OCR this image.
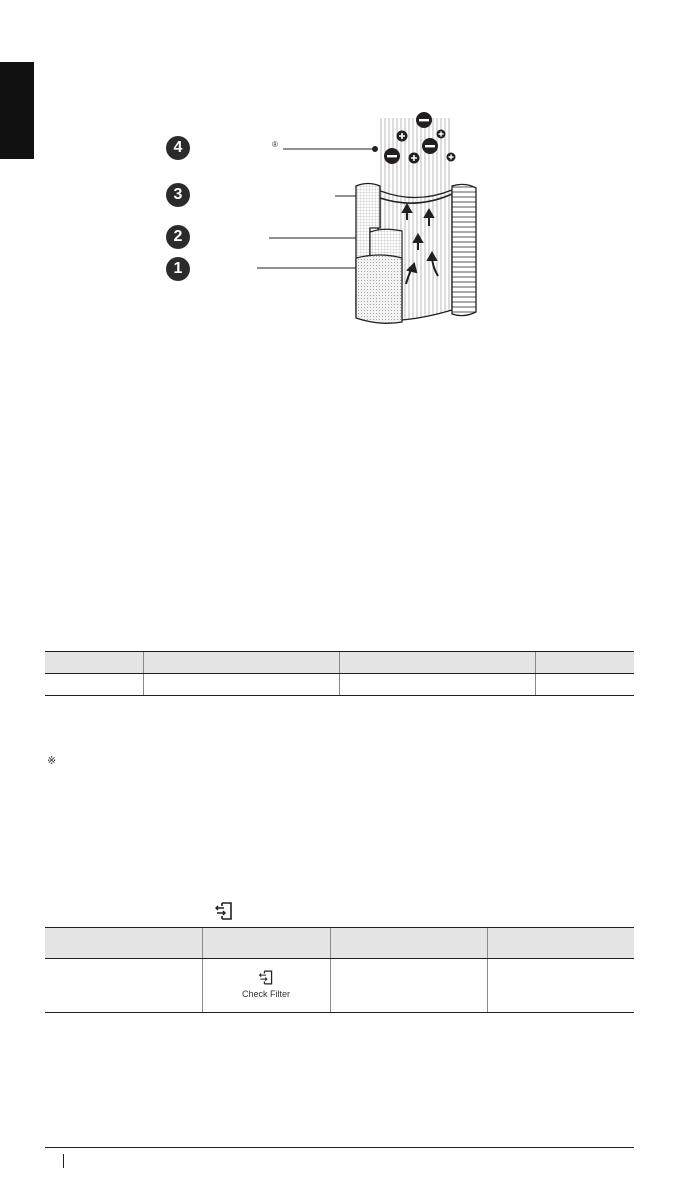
4
3
2
1
®

※

	Check Filter		
